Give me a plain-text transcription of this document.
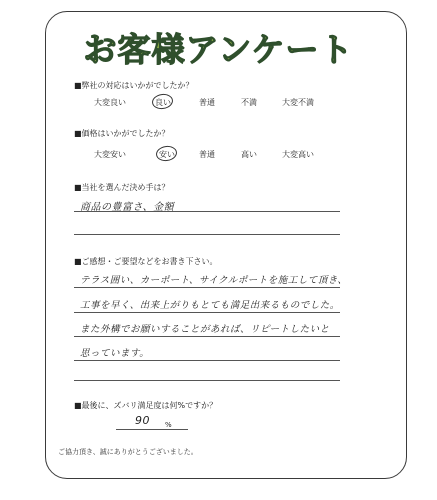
お客様アンケート
■弊社の対応はいかがでしたか？
大変良い	良い	普通	不満	大変不満
■価格はいかがでしたか？
大変安い	安い	普通	高い	大変高い
■当社を選んだ決め手は？
商品の豊富さ、金額
■ご感想・ご要望などをお書き下さい。
テラス囲い、カーポート、サイクルポートを施工して頂き、
工事を早く、出来上がりもとても満足出来るものでした。
また外構でお願いすることがあれば、リピートしたいと
思っています。
■最後に、ズバリ満足度は何%ですか？
90 %
ご協力頂き、誠にありがとうございました。
